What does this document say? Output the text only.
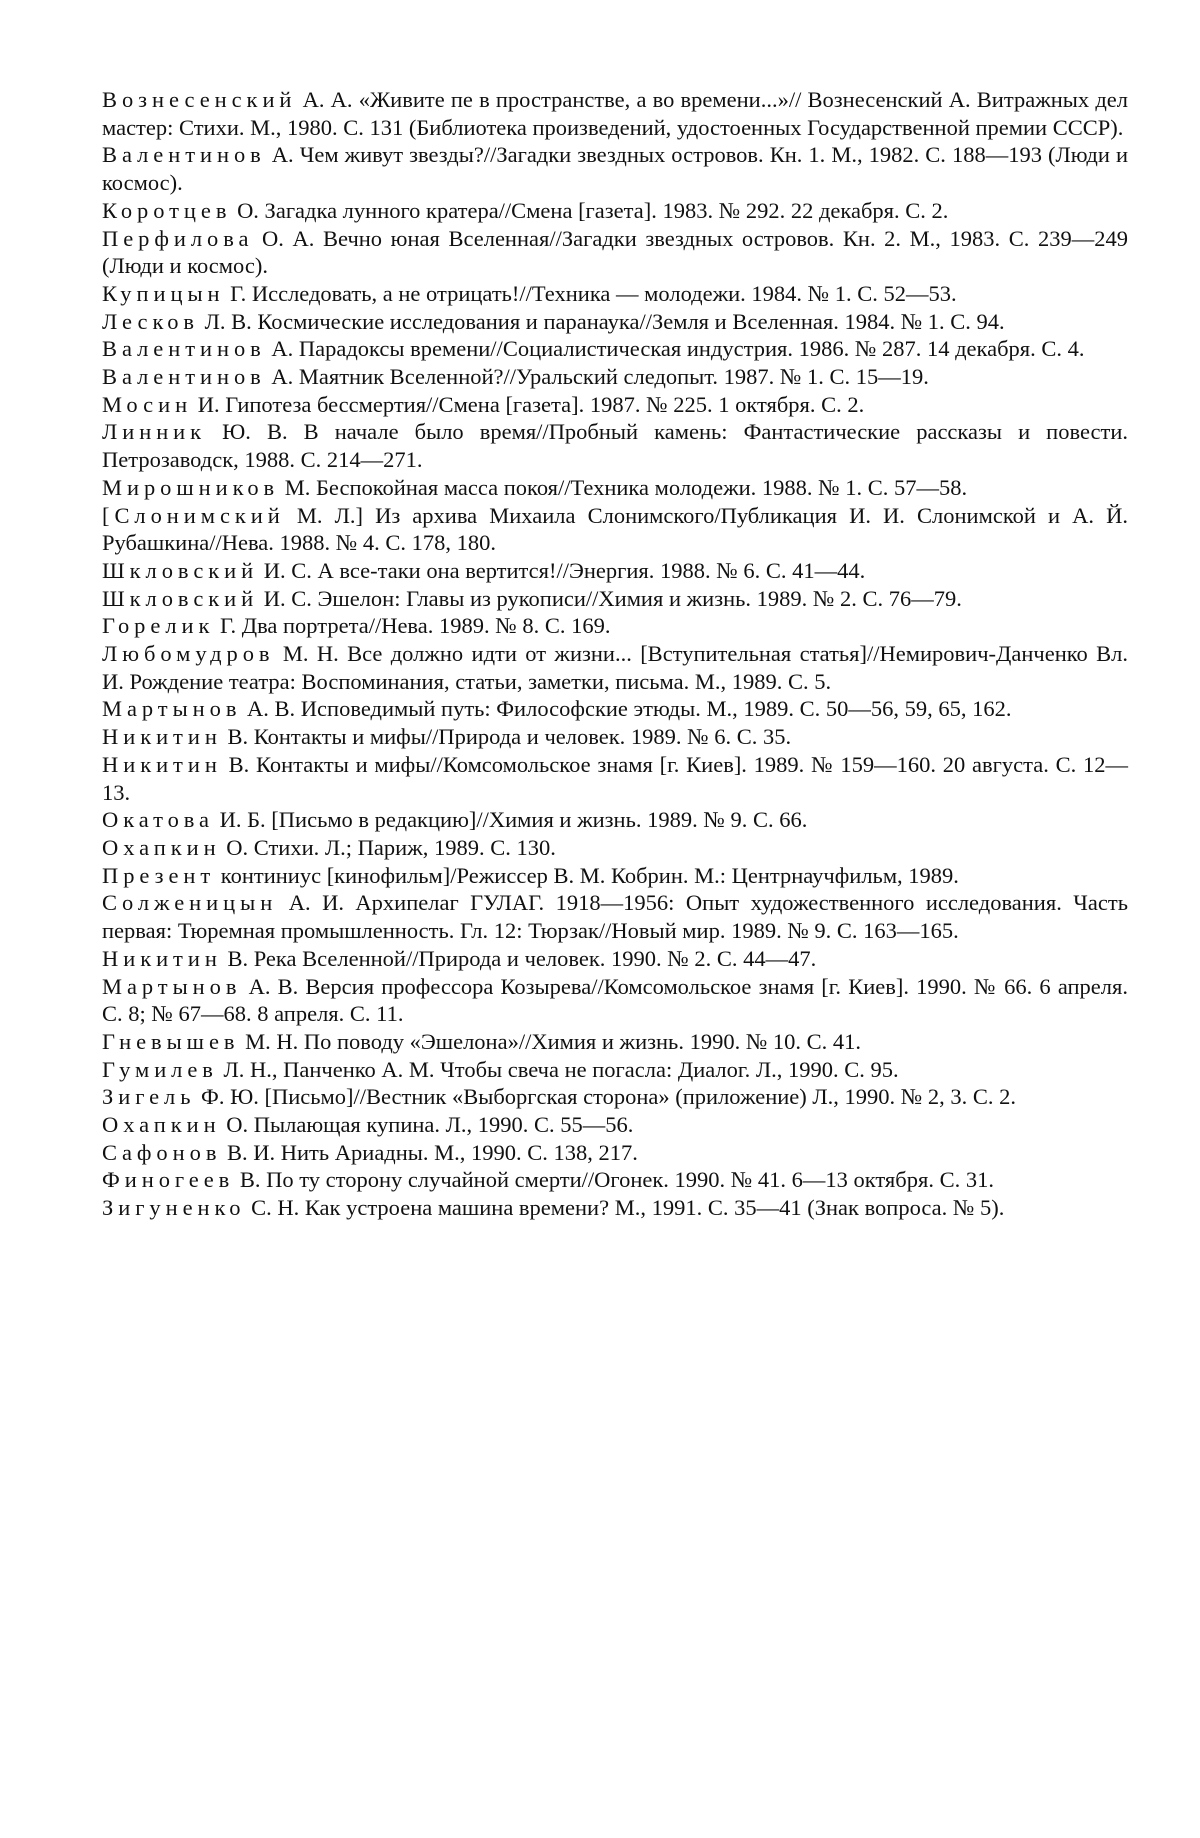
Вознесенский А. А. «Живите пе в пространстве, а во времени...»// Вознесенский А. Витражных дел мастер: Стихи. М., 1980. С. 131 (Библиотека произведений, удостоенных Государственной премии СССР).

Валентинов А. Чем живут звезды?//Загадки звездных островов. Кн. 1. М., 1982. С. 188—193 (Люди и космос).

Коротцев О. Загадка лунного кратера//Смена [газета]. 1983. № 292. 22 декабря. С. 2.

Перфилова О. А. Вечно юная Вселенная//Загадки звездных островов. Кн. 2. М., 1983. С. 239—249 (Люди и космос).

Купицын Г. Исследовать, а не отрицать!//Техника — молодежи. 1984. № 1. С. 52—53.

Лесков Л. В. Космические исследования и паранаука//Земля и Вселенная. 1984. № 1. С. 94.

Валентинов А. Парадоксы времени//Социалистическая индустрия. 1986. № 287. 14 декабря. С. 4.

Валентинов А. Маятник Вселенной?//Уральский следопыт. 1987. № 1. С. 15—19.

Мосин И. Гипотеза бессмертия//Смена [газета]. 1987. № 225. 1 октября. С. 2.

Линник Ю. В. В начале было время//Пробный камень: Фантастические рассказы и повести. Петрозаводск, 1988. С. 214—271.

Мирошников М. Беспокойная масса покоя//Техника молодежи. 1988. № 1. С. 57—58.

[Слонимский М. Л.] Из архива Михаила Слонимского/Публикация И. И. Слонимской и А. Й. Рубашкина//Нева. 1988. № 4. С. 178, 180.

Шкловский И. С. А все-таки она вертится!//Энергия. 1988. № 6. С. 41—44.

Шкловский И. С. Эшелон: Главы из рукописи//Химия и жизнь. 1989. № 2. С. 76—79.

Горелик Г. Два портрета//Нева. 1989. № 8. С. 169.

Любомудров М. Н. Все должно идти от жизни... [Вступительная статья]//Немирович-Данченко Вл. И. Рождение театра: Воспоминания, статьи, заметки, письма. М., 1989. С. 5.

Мартынов А. В. Исповедимый путь: Философские этюды. М., 1989. С. 50—56, 59, 65, 162.

Никитин В. Контакты и мифы//Природа и человек. 1989. № 6. С. 35.

Никитин В. Контакты и мифы//Комсомольское знамя [г. Киев]. 1989. № 159—160. 20 августа. С. 12—13.

Окатова И. Б. [Письмо в редакцию]//Химия и жизнь. 1989. № 9. С. 66.

Охапкин О. Стихи. Л.; Париж, 1989. С. 130.

Презент континиус [кинофильм]/Режиссер В. М. Кобрин. М.: Центрнаучфильм, 1989.

Солженицын А. И. Архипелаг ГУЛАГ. 1918—1956: Опыт художественного исследования. Часть первая: Тюремная промышленность. Гл. 12: Тюрзак//Новый мир. 1989. № 9. С. 163—165.

Никитин В. Река Вселенной//Природа и человек. 1990. № 2. С. 44—47.

Мартынов А. В. Версия профессора Козырева//Комсомольское знамя [г. Киев]. 1990. № 66. 6 апреля. С. 8; № 67—68. 8 апреля. С. 11.

Гневышев М. Н. По поводу «Эшелона»//Химия и жизнь. 1990. № 10. С. 41.

Гумилев Л. Н., Панченко А. М. Чтобы свеча не погасла: Диалог. Л., 1990. С. 95.

Зигель Ф. Ю. [Письмо]//Вестник «Выборгская сторона» (приложение) Л., 1990. № 2, 3. С. 2.

Охапкин О. Пылающая купина. Л., 1990. С. 55—56.

Сафонов В. И. Нить Ариадны. М., 1990. С. 138, 217.

Финогеев В. По ту сторону случайной смерти//Огонек. 1990. № 41. 6—13 октября. С. 31.

Зигуненко С. Н. Как устроена машина времени? М., 1991. С. 35—41 (Знак вопроса. № 5).
